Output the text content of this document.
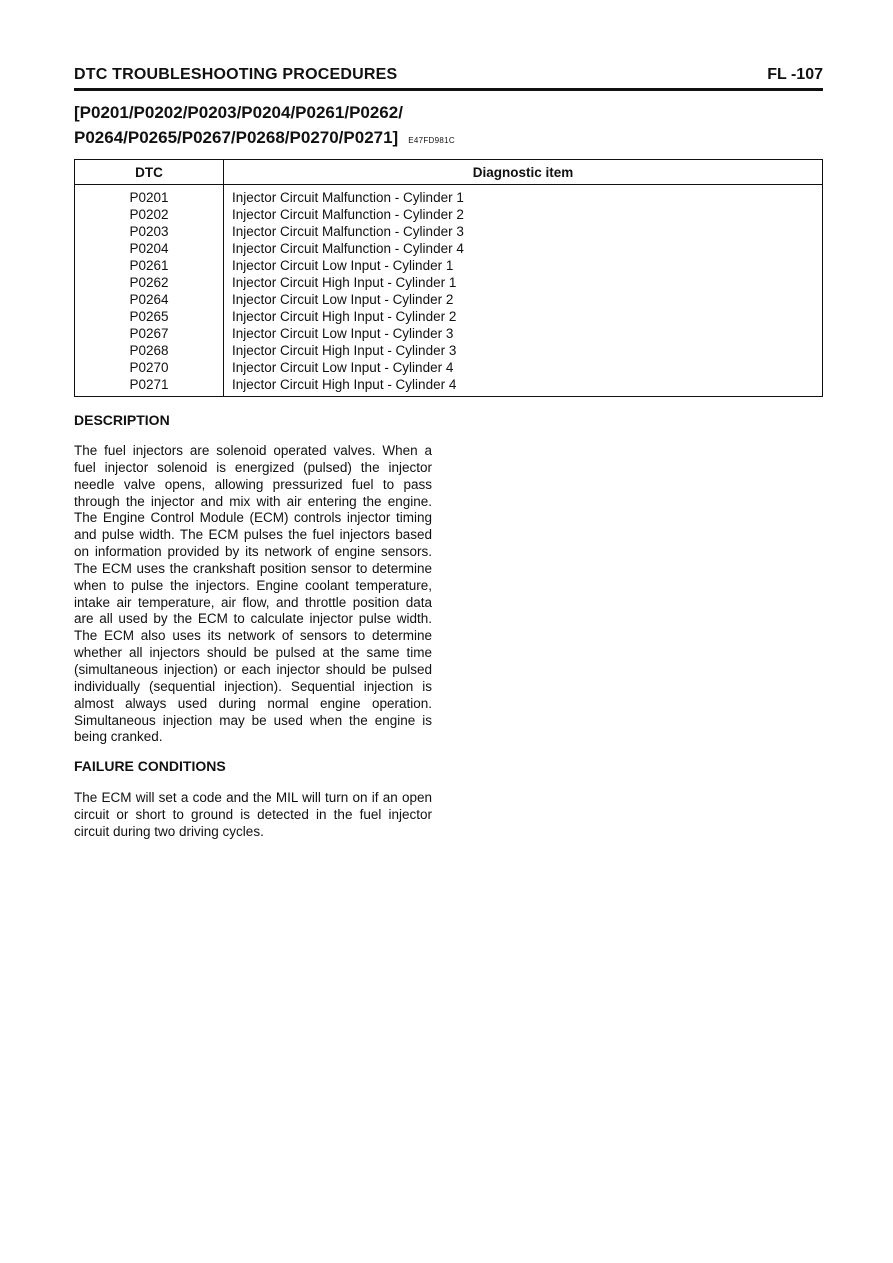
DTC TROUBLESHOOTING PROCEDURES	FL -107
[P0201/P0202/P0203/P0204/P0261/P0262/
P0264/P0265/P0267/P0268/P0270/P0271] E47FD981C
DTC	Diagnostic item
P0201	Injector Circuit Malfunction - Cylinder 1
P0202	Injector Circuit Malfunction - Cylinder 2
P0203	Injector Circuit Malfunction - Cylinder 3
P0204	Injector Circuit Malfunction - Cylinder 4
P0261	Injector Circuit Low Input - Cylinder 1
P0262	Injector Circuit High Input - Cylinder 1
P0264	Injector Circuit Low Input - Cylinder 2
P0265	Injector Circuit High Input - Cylinder 2
P0267	Injector Circuit Low Input - Cylinder 3
P0268	Injector Circuit High Input - Cylinder 3
P0270	Injector Circuit Low Input - Cylinder 4
P0271	Injector Circuit High Input - Cylinder 4
DESCRIPTION
The fuel injectors are solenoid operated valves. When a fuel injector solenoid is energized (pulsed) the injector needle valve opens, allowing pressurized fuel to pass through the injector and mix with air entering the engine. The Engine Control Module (ECM) controls injector timing and pulse width. The ECM pulses the fuel injectors based on information provided by its network of engine sensors. The ECM uses the crankshaft position sensor to determine when to pulse the injectors. Engine coolant temperature, intake air temperature, air flow, and throttle position data are all used by the ECM to calculate injector pulse width. The ECM also uses its network of sensors to determine whether all injectors should be pulsed at the same time (simultaneous injection) or each injector should be pulsed individually (sequential injection). Sequential injection is almost always used during normal engine operation. Simultaneous injection may be used when the engine is being cranked.
FAILURE CONDITIONS
The ECM will set a code and the MIL will turn on if an open circuit or short to ground is detected in the fuel injector circuit during two driving cycles.
